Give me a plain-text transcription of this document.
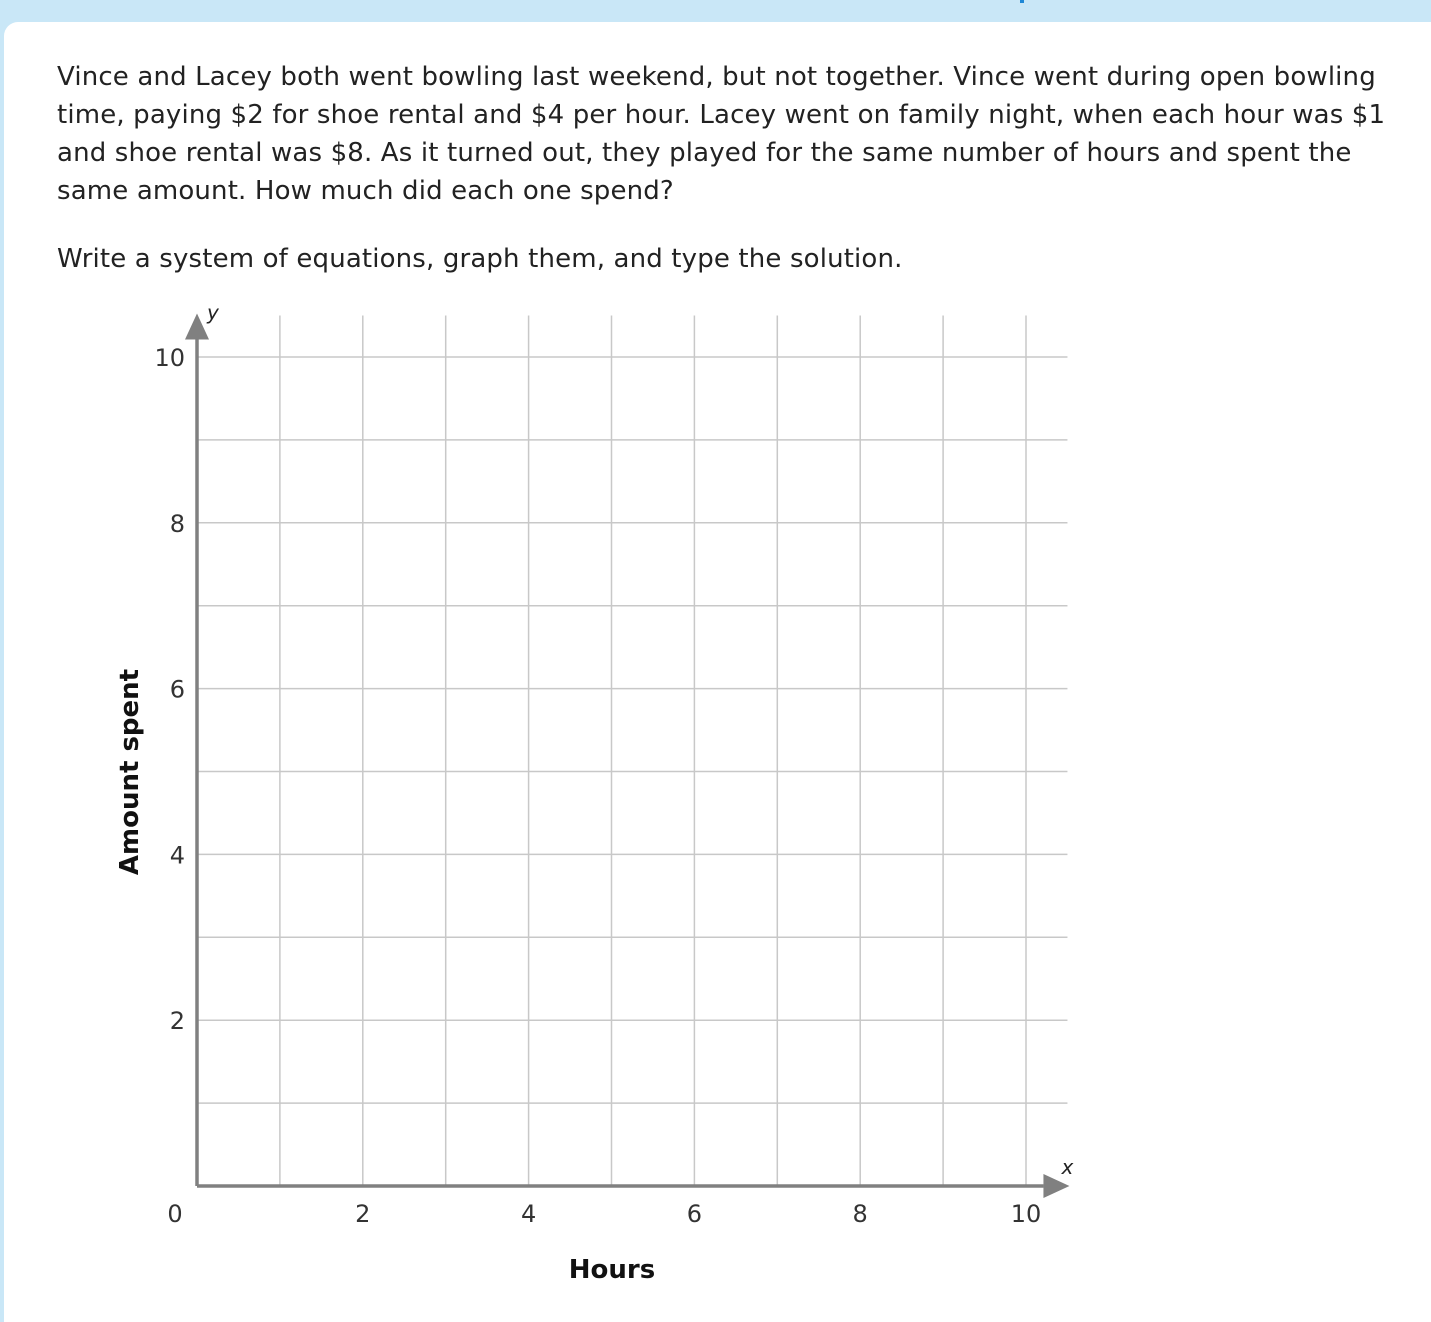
Vince and Lacey both went bowling last weekend, but not together. Vince went during open bowling time, paying $2 for shoe rental and $4 per hour. Lacey went on family night, when each hour was $1 and shoe rental was $8. As it turned out, they played for the same number of hours and spent the same amount. How much did each one spend?

Write a system of equations, graph them, and type the solution.

x
y
0	2	4	6	8	10
2
4
6
8
10
Hours
Amount spent
